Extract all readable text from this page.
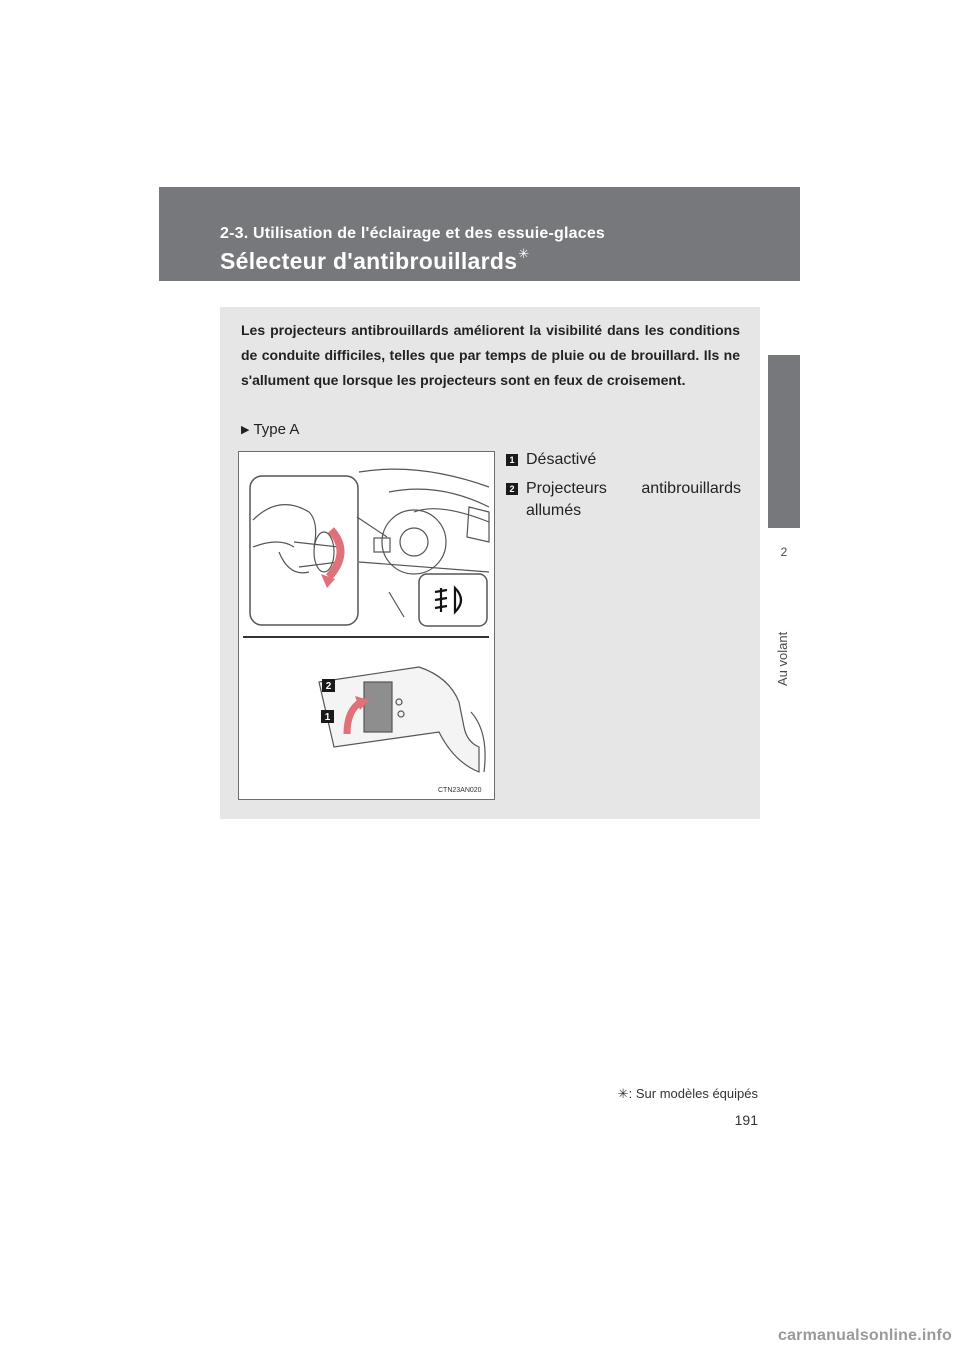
2-3. Utilisation de l'éclairage et des essuie-glaces
Sélecteur d'antibrouillards✳
2
Au volant
Les projecteurs antibrouillards améliorent la visibilité dans les conditions de conduite difficiles, telles que par temps de pluie ou de brouillard. Ils ne s'allument que lorsque les projecteurs sont en feux de croisement.
▶ Type A
2
1
CTN23AN020
1 Désactivé
2 Projecteurs antibrouillards allumés
✳: Sur modèles équipés
191
carmanualsonline.info
